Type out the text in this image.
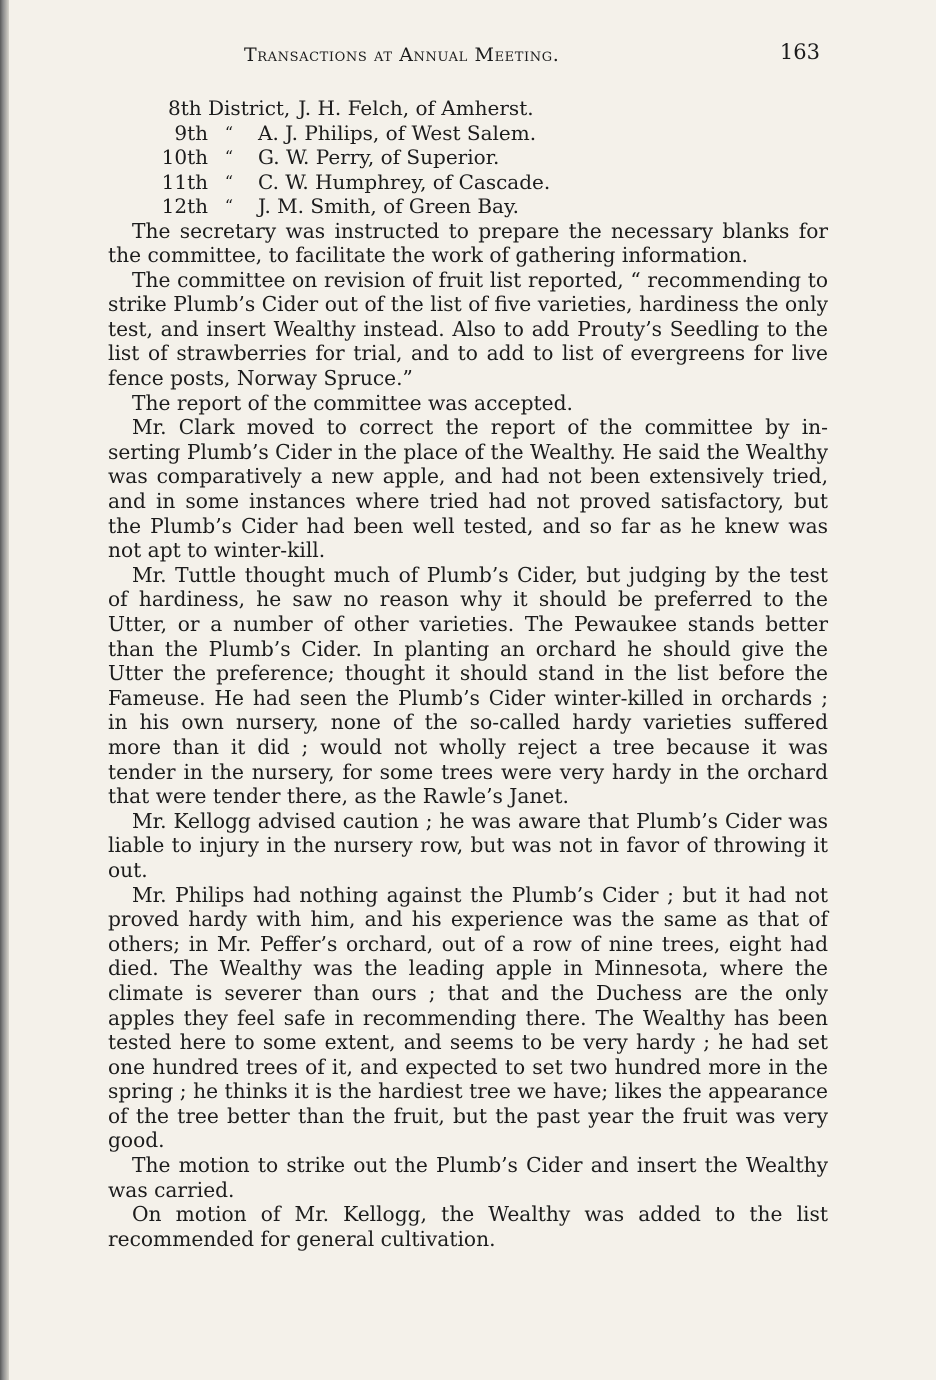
Transactions at Annual Meeting.	163
8th District, J. H. Felch, of Amherst.
9th	“	A. J. Philips, of West Salem.
10th	“	G. W. Perry, of Superior.
11th	“	C. W. Humphrey, of Cascade.
12th	“	J. M. Smith, of Green Bay.

The secretary was instructed to prepare the necessary blanks for the committee, to facilitate the work of gathering information.

The committee on revision of fruit list reported, “ recommending to strike Plumb’s Cider out of the list of five varieties, hardiness the only test, and insert Wealthy instead. Also to add Prouty’s Seedling to the list of strawberries for trial, and to add to list of evergreens for live fence posts, Norway Spruce.”

The report of the committee was accepted.

Mr. Clark moved to correct the report of the committee by inserting Plumb’s Cider in the place of the Wealthy. He said the Wealthy was comparatively a new apple, and had not been extensively tried, and in some instances where tried had not proved satisfactory, but the Plumb’s Cider had been well tested, and so far as he knew was not apt to winter-kill.

Mr. Tuttle thought much of Plumb’s Cider, but judging by the test of hardiness, he saw no reason why it should be preferred to the Utter, or a number of other varieties. The Pewaukee stands better than the Plumb’s Cider. In planting an orchard he should give the Utter the preference; thought it should stand in the list before the Fameuse. He had seen the Plumb’s Cider winter-killed in orchards ; in his own nursery, none of the so-called hardy varieties suffered more than it did ; would not wholly reject a tree because it was tender in the nursery, for some trees were very hardy in the orchard that were tender there, as the Rawle’s Janet.

Mr. Kellogg advised caution ; he was aware that Plumb’s Cider was liable to injury in the nursery row, but was not in favor of throwing it out.

Mr. Philips had nothing against the Plumb’s Cider ; but it had not proved hardy with him, and his experience was the same as that of others; in Mr. Peffer’s orchard, out of a row of nine trees, eight had died. The Wealthy was the leading apple in Minnesota, where the climate is severer than ours ; that and the Duchess are the only apples they feel safe in recommending there. The Wealthy has been tested here to some extent, and seems to be very hardy ; he had set one hundred trees of it, and expected to set two hundred more in the spring ; he thinks it is the hardiest tree we have; likes the appearance of the tree better than the fruit, but the past year the fruit was very good.

The motion to strike out the Plumb’s Cider and insert the Wealthy was carried.

On motion of Mr. Kellogg, the Wealthy was added to the list recommended for general cultivation.
